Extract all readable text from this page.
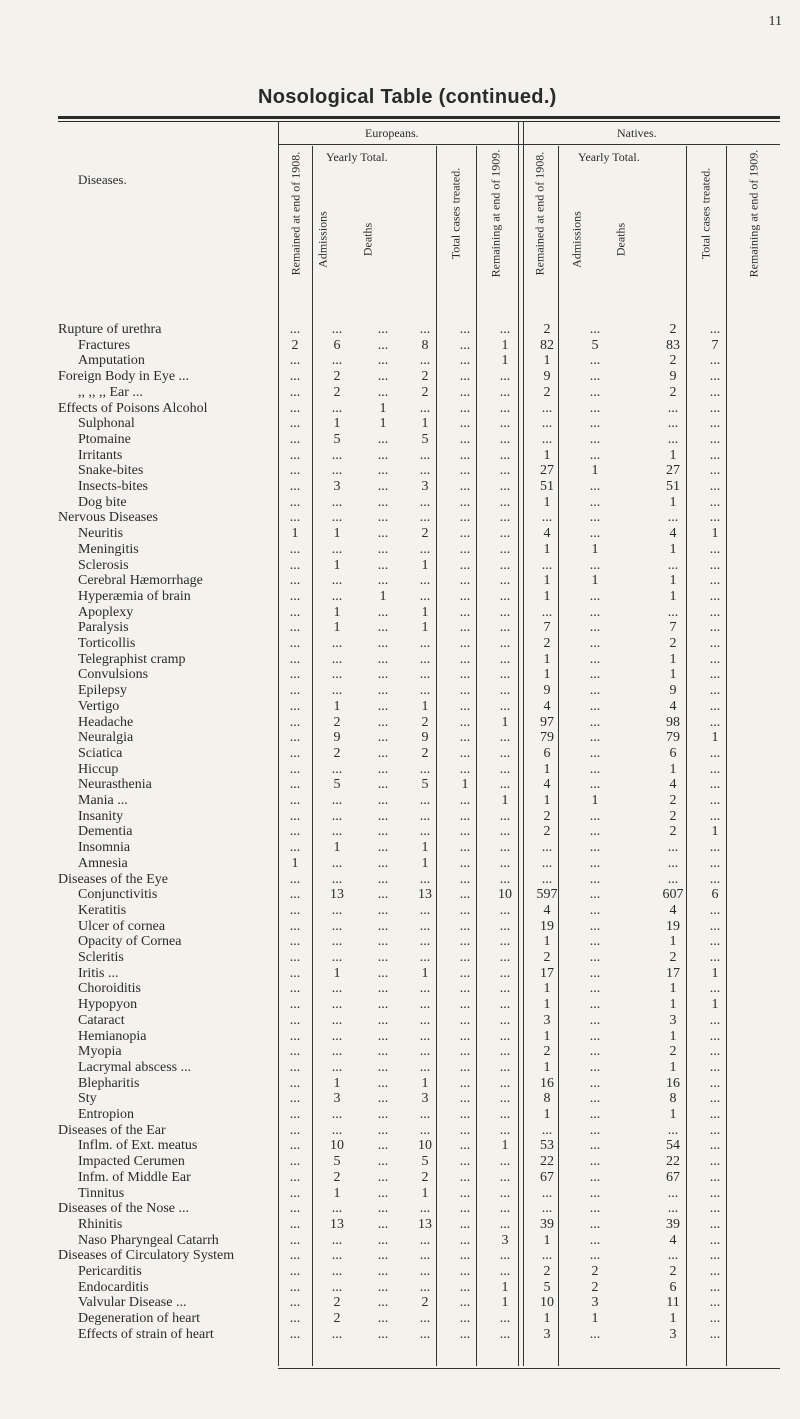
11
Nosological Table (continued.)
Europeans.	Natives.
Yearly Total.	Yearly Total.
Diseases.	Remained at end of 1908. Admissions	Deaths	Total cases treated. Remaining at end of 1909.	Remained at end of 1908. Admissions	Deaths	Total cases treated.	Remaining at end of 1909.
Rupture of urethra	...	...	...	...	...	...	2	...	2	...
Fractures	2	6	...	8	...	1	82	5	83	7
Amputation	...	...	...	...	...	1	1	...	2	...
Foreign Body in Eye ...	...	2	...	2	...	...	9	...	9	...
,, ,, ,, Ear ...	...	2	...	2	...	...	2	...	2	...
Effects of Poisons Alcohol	...	...	1	...	...	...	...	...	...	...
Sulphonal	...	1	1	1	...	...	...	...	...	...
Ptomaine	...	5	...	5	...	...	...	...	...	...
Irritants	...	...	...	...	...	...	1	...	1	...
Snake-bites	...	...	...	...	...	...	27	1	27	...
Insects-bites	...	3	...	3	...	...	51	...	51	...
Dog bite	...	...	...	...	...	...	1	...	1	...
Nervous Diseases	...	...	...	...	...	...	...	...	...	...
Neuritis	1	1	...	2	...	...	4	...	4	1
Meningitis	...	...	...	...	...	...	1	1	1	...
Sclerosis	...	1	...	1	...	...	...	...	...	...
Cerebral Hæmorrhage	...	...	...	...	...	...	1	1	1	...
Hyperæmia of brain	...	...	1	...	...	...	1	...	1	...
Apoplexy	...	1	...	1	...	...	...	...	...	...
Paralysis	...	1	...	1	...	...	7	...	7	...
Torticollis	...	...	...	...	...	...	2	...	2	...
Telegraphist cramp	...	...	...	...	...	...	1	...	1	...
Convulsions	...	...	...	...	...	...	1	...	1	...
Epilepsy	...	...	...	...	...	...	9	...	9	...
Vertigo	...	1	...	1	...	...	4	...	4	...
Headache	...	2	...	2	...	1	97	...	98	...
Neuralgia	...	9	...	9	...	...	79	...	79	1
Sciatica	...	2	...	2	...	...	6	...	6	...
Hiccup	...	...	...	...	...	...	1	...	1	...
Neurasthenia	...	5	...	5	1	...	4	...	4	...
Mania ...	...	...	...	...	...	1	1	1	2	...
Insanity	...	...	...	...	...	...	2	...	2	...
Dementia	...	...	...	...	...	...	2	...	2	1
Insomnia	...	1	...	1	...	...	...	...	...	...
Amnesia	1	...	...	1	...	...	...	...	...	...
Diseases of the Eye	...	...	...	...	...	...	...	...	...	...
Conjunctivitis	...	13	...	13	...	10	597	...	607	6
Keratitis	...	...	...	...	...	...	4	...	4	...
Ulcer of cornea	...	...	...	...	...	...	19	...	19	...
Opacity of Cornea	...	...	...	...	...	...	1	...	1	...
Scleritis	...	...	...	...	...	...	2	...	2	...
Iritis ...	...	1	...	1	...	...	17	...	17	1
Choroiditis	...	...	...	...	...	...	1	...	1	...
Hypopyon	...	...	...	...	...	...	1	...	1	1
Cataract	...	...	...	...	...	...	3	...	3	...
Hemianopia	...	...	...	...	...	...	1	...	1	...
Myopia	...	...	...	...	...	...	2	...	2	...
Lacrymal abscess ...	...	...	...	...	...	...	1	...	1	...
Blepharitis	...	1	...	1	...	...	16	...	16	...
Sty	...	3	...	3	...	...	8	...	8	...
Entropion	...	...	...	...	...	...	1	...	1	...
Diseases of the Ear	...	...	...	...	...	...	...	...	...	...
Inflm. of Ext. meatus	...	10	...	10	...	1	53	...	54	...
Impacted Cerumen	...	5	...	5	...	...	22	...	22	...
Infm. of Middle Ear	...	2	...	2	...	...	67	...	67	...
Tinnitus	...	1	...	1	...	...	...	...	...	...
Diseases of the Nose ...	...	...	...	...	...	...	...	...	...	...
Rhinitis	...	13	...	13	...	...	39	...	39	...
Naso Pharyngeal Catarrh	...	...	...	...	...	3	1	...	4	...
Diseases of Circulatory System	...	...	...	...	...	...	...	...	...	...
Pericarditis	...	...	...	...	...	...	2	2	2	...
Endocarditis	...	...	...	...	...	1	5	2	6	...
Valvular Disease ...	...	2	...	2	...	1	10	3	11	...
Degeneration of heart	...	2	...	...	...	...	1	1	1	...
Effects of strain of heart	...	...	...	...	...	...	3	...	3	...
